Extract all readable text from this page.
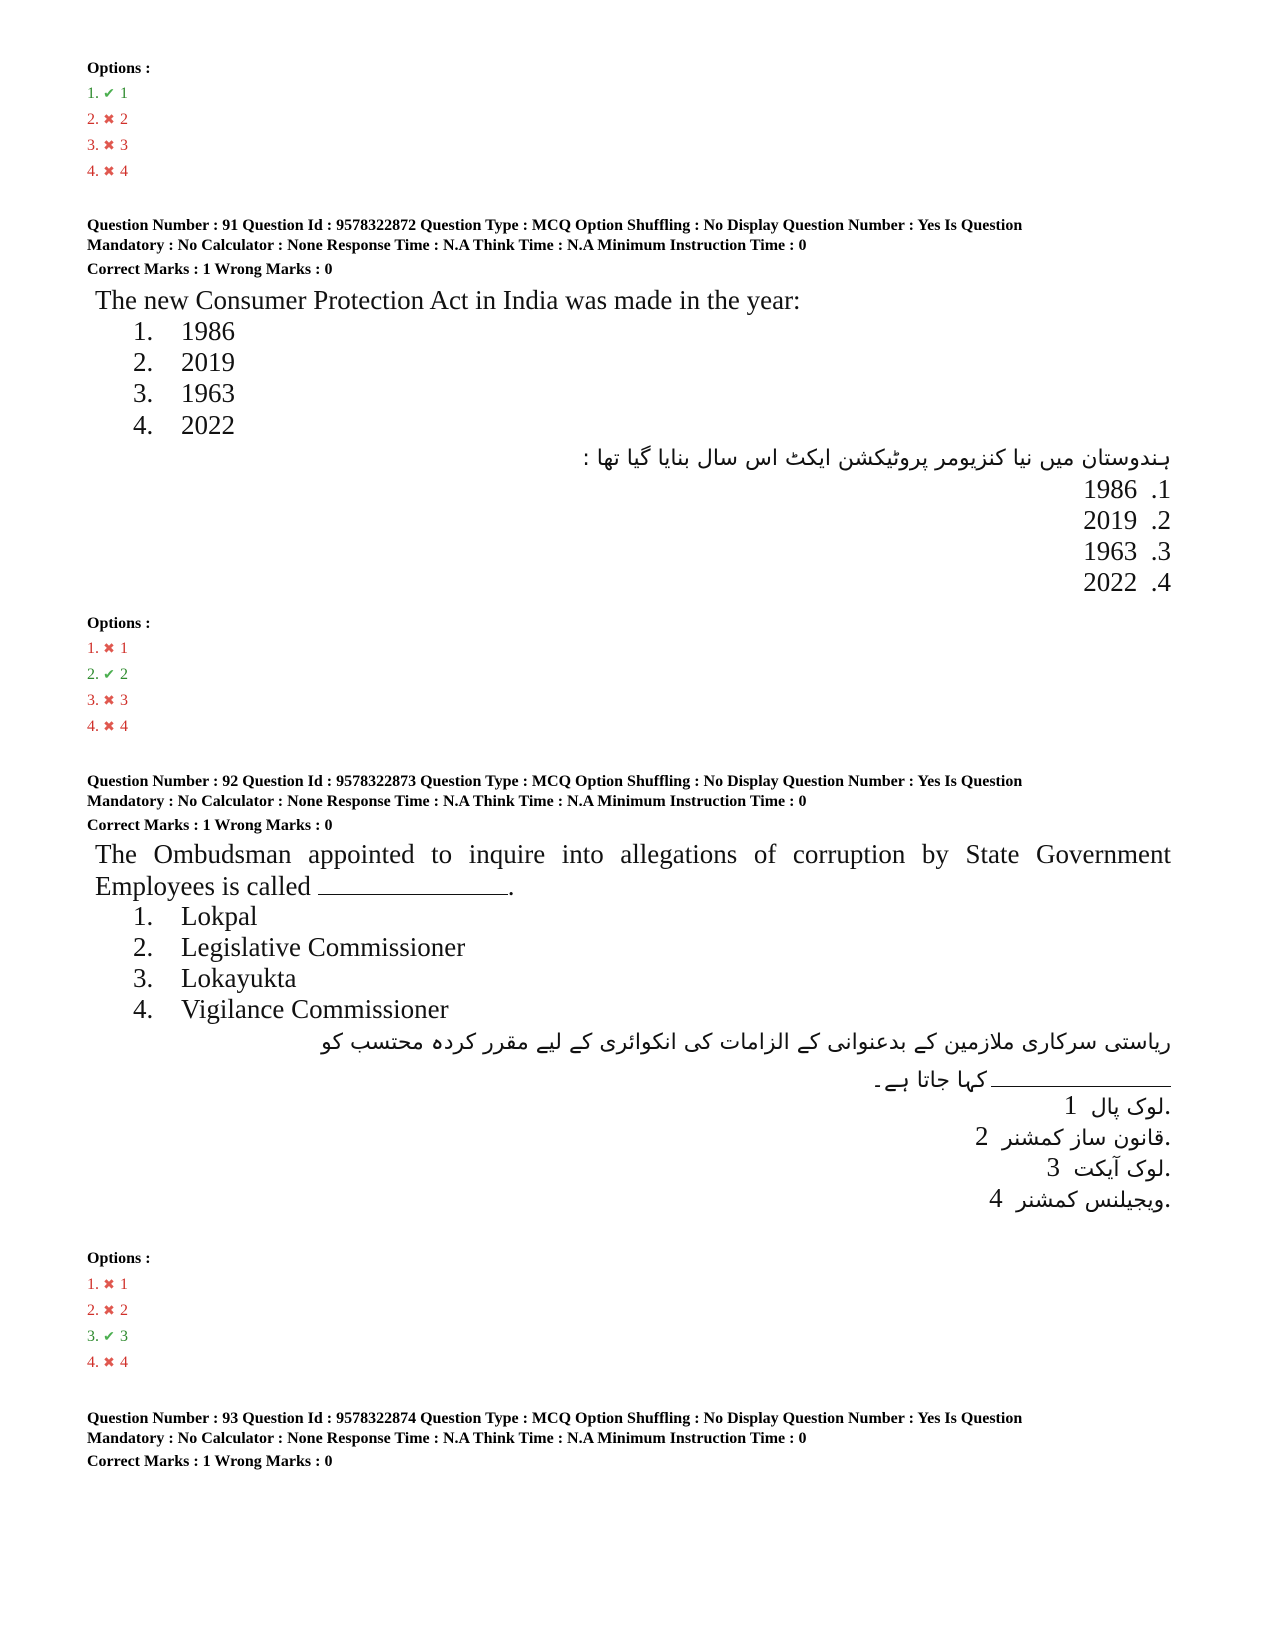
Options :
1. ✔ 1
2. ✖ 2
3. ✖ 3
4. ✖ 4
Question Number : 91 Question Id : 9578322872 Question Type : MCQ Option Shuffling : No Display Question Number : Yes Is Question
Mandatory : No Calculator : None Response Time : N.A Think Time : N.A Minimum Instruction Time : 0
Correct Marks : 1 Wrong Marks : 0
The new Consumer Protection Act in India was made in the year:
1. 1986
2. 2019
3. 1963
4. 2022
ہندوستان میں نیا کنزیومر پروٹیکشن ایکٹ اس سال بنایا گیا تھا :
1986 .1
2019 .2
1963 .3
2022 .4
Options :
1. ✖ 1
2. ✔ 2
3. ✖ 3
4. ✖ 4
Question Number : 92 Question Id : 9578322873 Question Type : MCQ Option Shuffling : No Display Question Number : Yes Is Question
Mandatory : No Calculator : None Response Time : N.A Think Time : N.A Minimum Instruction Time : 0
Correct Marks : 1 Wrong Marks : 0
The Ombudsman appointed to inquire into allegations of corruption by State Government
Employees is called	.
1. Lokpal
2. Legislative Commissioner
3. Lokayukta
4. Vigilance Commissioner
ریاستی سرکاری ملازمین کے بدعنوانی کے الزامات کی انکوائری کے لیے مقرر کردہ محتسب کو
کہا جاتا ہے۔
لوک پال  1.
قانون ساز کمشنر  2.
لوک آیکت  3.
ویجیلنس کمشنر  4.
Options :
1. ✖ 1
2. ✖ 2
3. ✔ 3
4. ✖ 4
Question Number : 93 Question Id : 9578322874 Question Type : MCQ Option Shuffling : No Display Question Number : Yes Is Question
Mandatory : No Calculator : None Response Time : N.A Think Time : N.A Minimum Instruction Time : 0
Correct Marks : 1 Wrong Marks : 0
